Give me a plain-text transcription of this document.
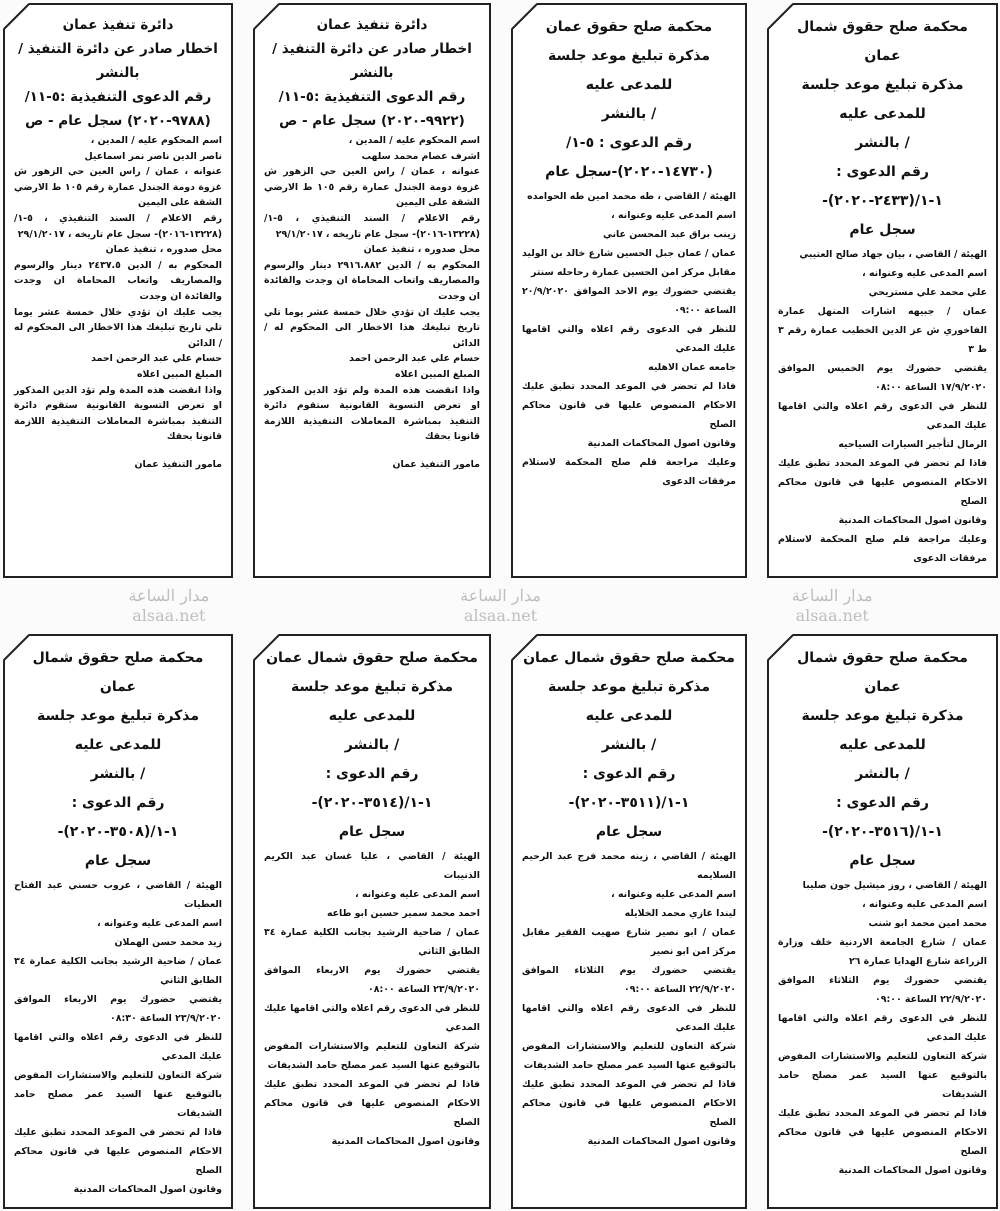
مدار الساعة
alsaa.net
مدار الساعة
alsaa.net
مدار الساعة
alsaa.net
محكمة صلح حقوق شمال عمان
مذكرة تبليغ موعد جلسة للمدعى عليه
/ بالنشر
رقم الدعوى : ١-١/(٢٤٣٣-٢٠٢٠)-
سجل عام
الهيئة / القاضي ، بيان جهاد صالح العتيبي
اسم المدعى عليه وعنوانه ،
علي محمد علي مستريحي
عمان / جبيهه اشارات المنهل عمارة الفاخوري ش عز الدين الخطيب عمارة رقم ٣ ط ٣
يقتضي حضورك يوم الخميس الموافق ١٧/٩/٢٠٢٠ الساعة ٠٨:٠٠
للنظر في الدعوى رقم اعلاه والتي اقامها عليك المدعي
الرمال لتأجير السيارات السياحيه
فاذا لم تحضر في الموعد المحدد تطبق عليك الاحكام المنصوص عليها في قانون محاكم الصلح
وقانون اصول المحاكمات المدنية
وعليك مراجعة قلم صلح المحكمة لاستلام مرفقات الدعوى
محكمة صلح حقوق عمان
مذكرة تبليغ موعد جلسة للمدعى عليه
/ بالنشر
رقم الدعوى : ٥-١/
(١٤٧٣٠-٢٠٢٠)-سجل عام
الهيئة / القاضي ، طه محمد امين طه الحوامده
اسم المدعى عليه وعنوانه ،
زينب براق عبد المحسن عاني
عمان / عمان جبل الحسين شارع خالد بن الوليد مقابل مركز امن الحسين عمارة رحاحله سنتر
يقتضي حضورك يوم الاحد الموافق ٢٠/٩/٢٠٢٠ الساعة ٠٩:٠٠
للنظر في الدعوى رقم اعلاه والتي اقامها عليك المدعي
جامعه عمان الاهليه
فاذا لم تحضر في الموعد المحدد تطبق عليك الاحكام المنصوص عليها في قانون محاكم الصلح
وقانون اصول المحاكمات المدنية
وعليك مراجعة قلم صلح المحكمة لاستلام مرفقات الدعوى
دائرة تنفيذ عمان
اخطار صادر عن دائرة التنفيذ / بالنشر
رقم الدعوى التنفيذية :٥-١١/
(٩٩٢٢-٢٠٢٠) سجل عام - ص
اسم المحكوم عليه / المدين ،
اشرف عصام محمد سلهب
عنوانه ، عمان / راس العين حي الزهور ش غزوة دومة الجندل عمارة رقم ١٠٥ ط الارضي الشقة على اليمين
رقم الاعلام / السند التنفيذي ، ٥-١/ (١٣٢٢٨-٢٠١٦)- سجل عام تاريخه ، ٢٩/١/٢٠١٧
محل صدوره ، تنفيذ عمان
المحكوم به / الدين ٢٩١٦.٨٨٢ دينار والرسوم والمصاريف واتعاب المحاماة ان وجدت والفائدة ان وجدت
يجب عليك ان تؤدي خلال خمسة عشر يوما تلي تاريخ تبليغك هذا الاخطار الى المحكوم له / الدائن
حسام علي عبد الرحمن احمد
المبلغ المبين اعلاه
واذا انقضت هذه المدة ولم تؤد الدين المذكور او تعرض التسوية القانونية ستقوم دائرة التنفيذ بمباشرة المعاملات التنفيذية اللازمة قانونا بحقك
مامور التنفيذ عمان
دائرة تنفيذ عمان
اخطار صادر عن دائرة التنفيذ / بالنشر
رقم الدعوى التنفيذية :٥-١١/
(٩٧٨٨-٢٠٢٠) سجل عام - ص
اسم المحكوم عليه / المدين ،
ناصر الدين ناصر نمر اسماعيل
عنوانه ، عمان / راس العين حي الزهور ش غزوة دومة الجندل عمارة رقم ١٠٥ ط الارضي الشقة على اليمين
رقم الاعلام / السند التنفيذي ، ٥-١/ (١٣٢٢٨-٢٠١٦)- سجل عام تاريخه ، ٢٩/١/٢٠١٧
محل صدوره ، تنفيذ عمان
المحكوم به / الدين ٢٤٣٧.٥ دينار والرسوم والمصاريف واتعاب المحاماة ان وجدت والفائدة ان وجدت
يجب عليك ان تؤدي خلال خمسة عشر يوما تلي تاريخ تبليغك هذا الاخطار الى المحكوم له / الدائن
حسام علي عبد الرحمن احمد
المبلغ المبين اعلاه
واذا انقضت هذه المدة ولم تؤد الدين المذكور او تعرض التسوية القانونية ستقوم دائرة التنفيذ بمباشرة المعاملات التنفيذية اللازمة قانونا بحقك
مامور التنفيذ عمان
محكمة صلح حقوق شمال عمان
مذكرة تبليغ موعد جلسة للمدعى عليه
/ بالنشر
رقم الدعوى : ١-١/(٣٥١٦-٢٠٢٠)-
سجل عام
الهيئة / القاضي ، روز ميشيل جون صليبا
اسم المدعى عليه وعنوانه ،
محمد امين محمد ابو شنب
عمان / شارع الجامعة الاردنية خلف وزارة الزراعة شارع الهدايا عمارة ٢٦
يقتضي حضورك يوم الثلاثاء الموافق ٢٢/٩/٢٠٢٠ الساعة ٠٩:٠٠
للنظر في الدعوى رقم اعلاه والتي اقامها عليك المدعي
شركة التعاون للتعليم والاستشارات المفوض بالتوقيع عنها السيد عمر مصلح حامد الشديفات
فاذا لم تحضر في الموعد المحدد تطبق عليك الاحكام المنصوص عليها في قانون محاكم الصلح
وقانون اصول المحاكمات المدنية
محكمة صلح حقوق شمال عمان
مذكرة تبليغ موعد جلسة للمدعى عليه
/ بالنشر
رقم الدعوى : ١-١/(٣٥١١-٢٠٢٠)-
سجل عام
الهيئة / القاضي ، زينه محمد فرج عبد الرحيم السلايمه
اسم المدعى عليه وعنوانه ،
ليندا غازي محمد الخلايله
عمان / ابو نصير شارع صهيب الفقير مقابل مركز امن ابو نصير
يقتضي حضورك يوم الثلاثاء الموافق ٢٢/٩/٢٠٢٠ الساعة ٠٩:٠٠
للنظر في الدعوى رقم اعلاه والتي اقامها عليك المدعي
شركة التعاون للتعليم والاستشارات المفوض بالتوقيع عنها السيد عمر مصلح حامد الشديفات
فاذا لم تحضر في الموعد المحدد تطبق عليك الاحكام المنصوص عليها في قانون محاكم الصلح
وقانون اصول المحاكمات المدنية
محكمة صلح حقوق شمال عمان
مذكرة تبليغ موعد جلسة للمدعى عليه
/ بالنشر
رقم الدعوى : ١-١/(٣٥١٤-٢٠٢٠)-
سجل عام
الهيئة / القاضي ، عليا غسان عبد الكريم الذنيبات
اسم المدعى عليه وعنوانه ،
احمد محمد سمير حسين ابو طاعه
عمان / ضاحية الرشيد بجانب الكلية عمارة ٣٤ الطابق الثاني
يقتضي حضورك يوم الاربعاء الموافق ٢٣/٩/٢٠٢٠ الساعة ٠٨:٠٠
للنظر في الدعوى رقم اعلاه والتي اقامها عليك المدعي
شركة التعاون للتعليم والاستشارات المفوض بالتوقيع عنها السيد عمر مصلح حامد الشديفات
فاذا لم تحضر في الموعد المحدد تطبق عليك الاحكام المنصوص عليها في قانون محاكم الصلح
وقانون اصول المحاكمات المدنية
محكمة صلح حقوق شمال عمان
مذكرة تبليغ موعد جلسة للمدعى عليه
/ بالنشر
رقم الدعوى : ١-١/(٣٥٠٨-٢٠٢٠)-
سجل عام
الهيئة / القاضي ، عروب حسني عبد الفتاح العطيات
اسم المدعى عليه وعنوانه ،
زيد محمد حسن الهملان
عمان / ضاحية الرشيد بجانب الكلية عمارة ٣٤ الطابق الثاني
يقتضي حضورك يوم الاربعاء الموافق ٢٣/٩/٢٠٢٠ الساعة ٠٨:٣٠
للنظر في الدعوى رقم اعلاه والتي اقامها عليك المدعي
شركة التعاون للتعليم والاستشارات المفوض بالتوقيع عنها السيد عمر مصلح حامد الشديفات
فاذا لم تحضر في الموعد المحدد تطبق عليك الاحكام المنصوص عليها في قانون محاكم الصلح
وقانون اصول المحاكمات المدنية
